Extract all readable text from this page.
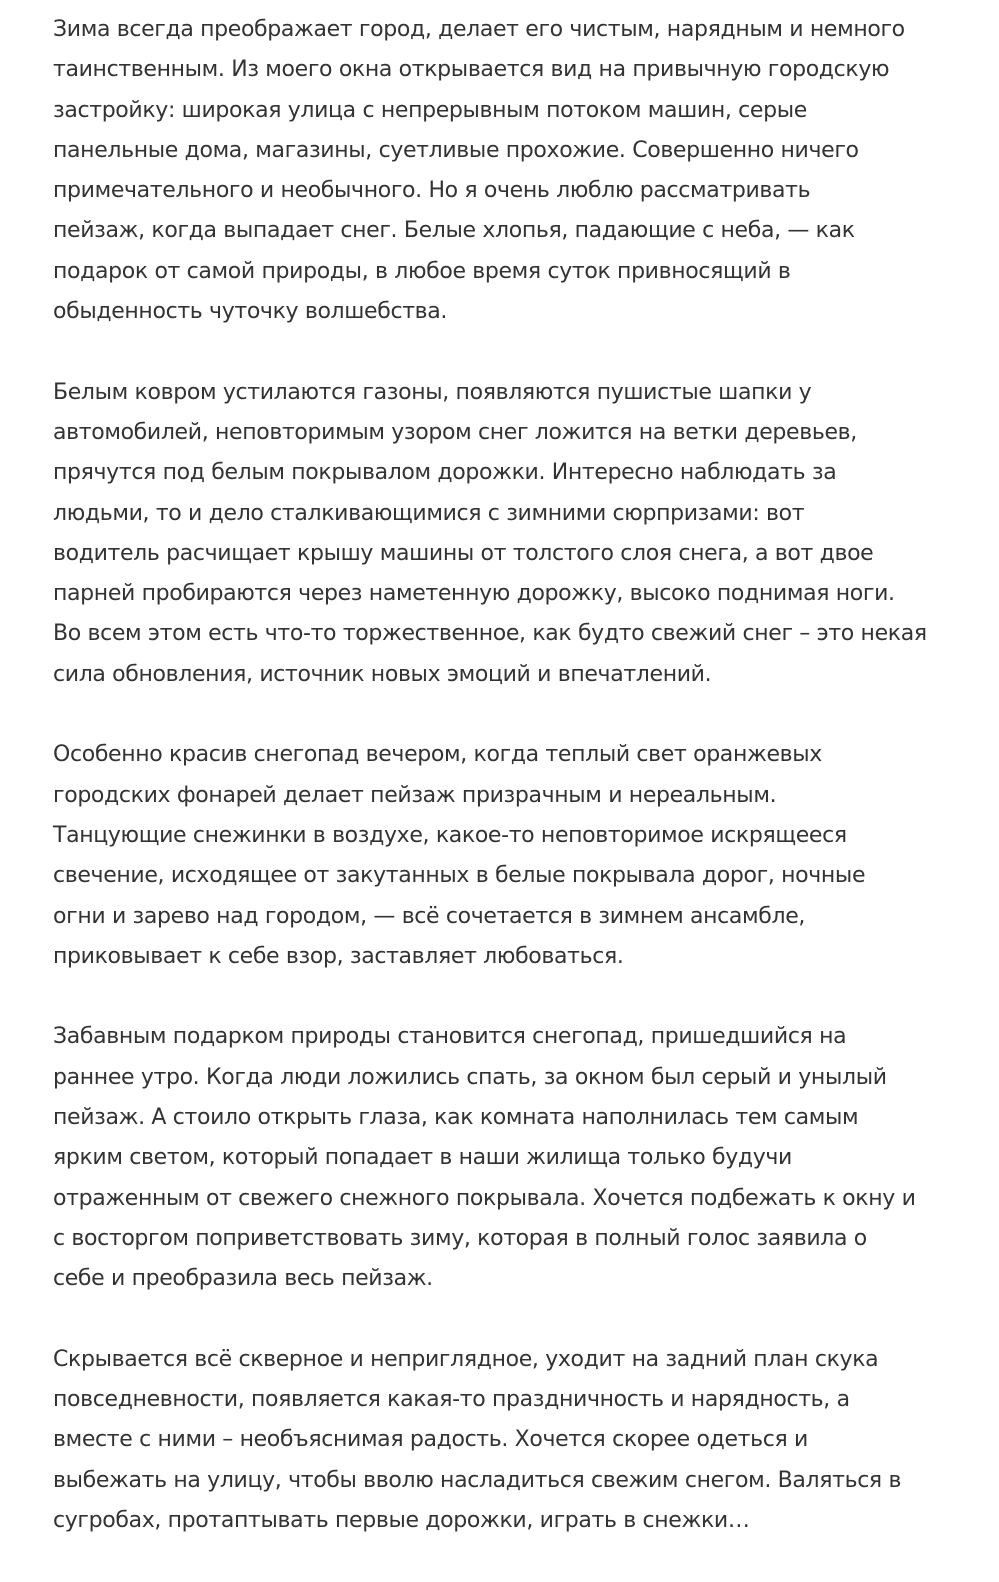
Зима всегда преображает город, делает его чистым, нарядным и немного
таинственным. Из моего окна открывается вид на привычную городскую
застройку: широкая улица с непрерывным потоком машин, серые
панельные дома, магазины, суетливые прохожие. Совершенно ничего
примечательного и необычного. Но я очень люблю рассматривать
пейзаж, когда выпадает снег. Белые хлопья, падающие с неба, — как
подарок от самой природы, в любое время суток привносящий в
обыденность чуточку волшебства.
Белым ковром устилаются газоны, появляются пушистые шапки у
автомобилей, неповторимым узором снег ложится на ветки деревьев,
прячутся под белым покрывалом дорожки. Интересно наблюдать за
людьми, то и дело сталкивающимися с зимними сюрпризами: вот
водитель расчищает крышу машины от толстого слоя снега, а вот двое
парней пробираются через наметенную дорожку, высоко поднимая ноги.
Во всем этом есть что-то торжественное, как будто свежий снег – это некая
сила обновления, источник новых эмоций и впечатлений.
Особенно красив снегопад вечером, когда теплый свет оранжевых
городских фонарей делает пейзаж призрачным и нереальным.
Танцующие снежинки в воздухе, какое-то неповторимое искрящееся
свечение, исходящее от закутанных в белые покрывала дорог, ночные
огни и зарево над городом, — всё сочетается в зимнем ансамбле,
приковывает к себе взор, заставляет любоваться.
Забавным подарком природы становится снегопад, пришедшийся на
раннее утро. Когда люди ложились спать, за окном был серый и унылый
пейзаж. А стоило открыть глаза, как комната наполнилась тем самым
ярким светом, который попадает в наши жилища только будучи
отраженным от свежего снежного покрывала. Хочется подбежать к окну и
с восторгом поприветствовать зиму, которая в полный голос заявила о
себе и преобразила весь пейзаж.
Скрывается всё скверное и неприглядное, уходит на задний план скука
повседневности, появляется какая-то праздничность и нарядность, а
вместе с ними – необъяснимая радость. Хочется скорее одеться и
выбежать на улицу, чтобы вволю насладиться свежим снегом. Валяться в
сугробах, протаптывать первые дорожки, играть в снежки…
